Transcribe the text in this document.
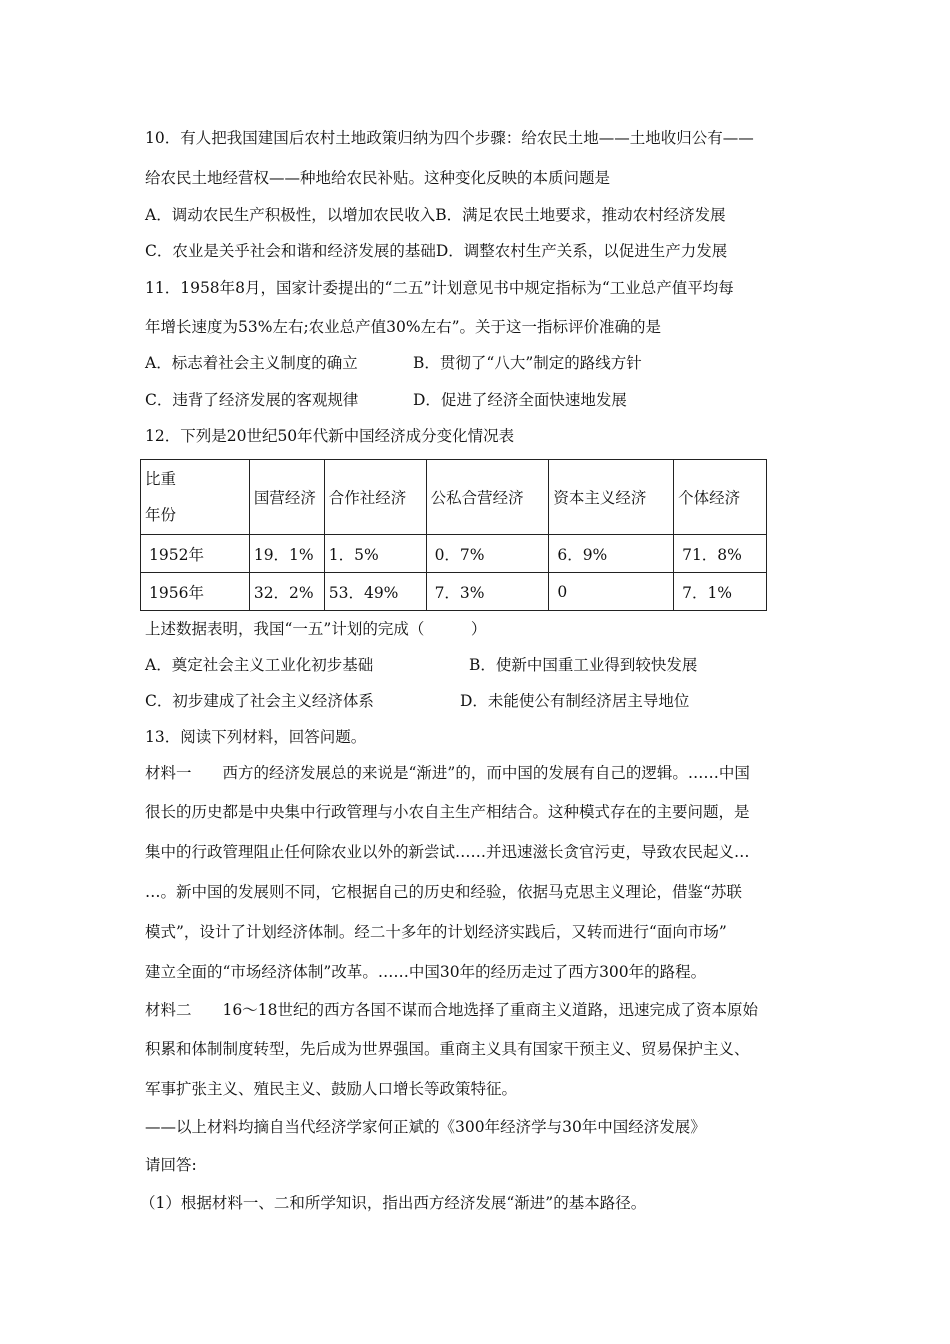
10．有人把我国建国后农村土地政策归纳为四个步骤：给农民土地——土地收归公有——
给农民土地经营权——种地给农民补贴。这种变化反映的本质问题是
A．调动农民生产积极性，以增加农民收入B．满足农民土地要求，推动农村经济发展
C．农业是关乎社会和谐和经济发展的基础D．调整农村生产关系，以促进生产力发展
11．1958年8月，国家计委提出的“二五”计划意见书中规定指标为“工业总产值平均每
年增长速度为53%左右;农业总产值30%左右”。关于这一指标评价准确的是
A．标志着社会主义制度的确立	B．贯彻了“八大”制定的路线方针
C．违背了经济发展的客观规律	D．促进了经济全面快速地发展
12．下列是20世纪50年代新中国经济成分变化情况表
比重
年份	国营经济	合作社经济	公私合营经济	资本主义经济	个体经济
1952年	19．1%	1．5%	0．7%	6．9%	71．8%
1956年	32．2%	53．49%	7．3%	0	7．1%
上述数据表明，我国“一五”计划的完成（　　　）
A．奠定社会主义工业化初步基础	B．使新中国重工业得到较快发展
C．初步建成了社会主义经济体系	D．未能使公有制经济居主导地位
13．阅读下列材料，回答问题。
材料一　　西方的经济发展总的来说是“渐进”的，而中国的发展有自己的逻辑。……中国
很长的历史都是中央集中行政管理与小农自主生产相结合。这种模式存在的主要问题，是
集中的行政管理阻止任何除农业以外的新尝试……并迅速滋长贪官污吏，导致农民起义…
…。新中国的发展则不同，它根据自己的历史和经验，依据马克思主义理论，借鉴“苏联
模式”，设计了计划经济体制。经二十多年的计划经济实践后，又转而进行“面向市场”
建立全面的“市场经济体制”改革。……中国30年的经历走过了西方300年的路程。
材料二　　16～18世纪的西方各国不谋而合地选择了重商主义道路，迅速完成了资本原始
积累和体制制度转型，先后成为世界强国。重商主义具有国家干预主义、贸易保护主义、
军事扩张主义、殖民主义、鼓励人口增长等政策特征。
——以上材料均摘自当代经济学家何正斌的《300年经济学与30年中国经济发展》
请回答:
（1）根据材料一、二和所学知识，指出西方经济发展“渐进”的基本路径。
